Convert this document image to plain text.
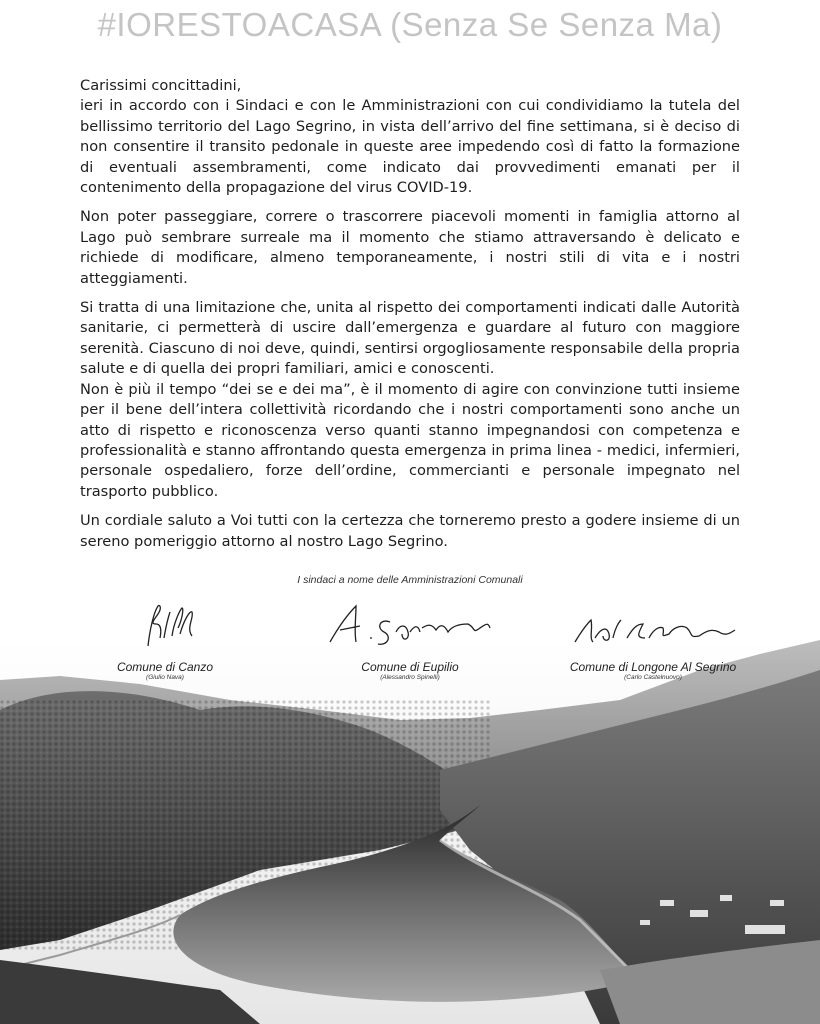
#IORESTOACASA (Senza Se Senza Ma)

Carissimi concittadini,

ieri in accordo con i Sindaci e con le Amministrazioni con cui condividiamo la tutela del bellissimo territorio del Lago Segrino, in vista dell’arrivo del fine settimana, si è deciso di non consentire il transito pedonale in queste aree impedendo così di fatto la formazione di eventuali assembramenti, come indicato dai provvedimenti emanati per il contenimento della propagazione del virus COVID-19.

Non poter passeggiare, correre o trascorrere piacevoli momenti in famiglia attorno al Lago può sembrare surreale ma il momento che stiamo attraversando è delicato e richiede di modificare, almeno temporaneamente, i nostri stili di vita e i nostri atteggiamenti.

Si tratta di una limitazione che, unita al rispetto dei comportamenti indicati dalle Autorità sanitarie, ci permetterà di uscire dall’emergenza e guardare al futuro con maggiore serenità. Ciascuno di noi deve, quindi, sentirsi orgogliosamente responsabile della propria salute e di quella dei propri familiari, amici e conoscenti.

Non è più il tempo “dei se e dei ma”, è il momento di agire con convinzione tutti insieme per il bene dell’intera collettività ricordando che i nostri comportamenti sono anche un atto di rispetto e riconoscenza verso quanti stanno impegnandosi con competenza e professionalità e stanno affrontando questa emergenza in prima linea - medici, infermieri, personale ospedaliero, forze dell’ordine, commercianti e personale impegnato nel trasporto pubblico.

Un cordiale saluto a Voi tutti con la certezza che torneremo presto a godere insieme di un sereno pomeriggio attorno al nostro Lago Segrino.

I sindaci a nome delle Amministrazioni Comunali
Comune di Canzo
(Giulio Nava)
Comune di Eupilio
(Alessandro Spinelli)
Comune di Longone Al Segrino
(Carlo Castelnuovo)
